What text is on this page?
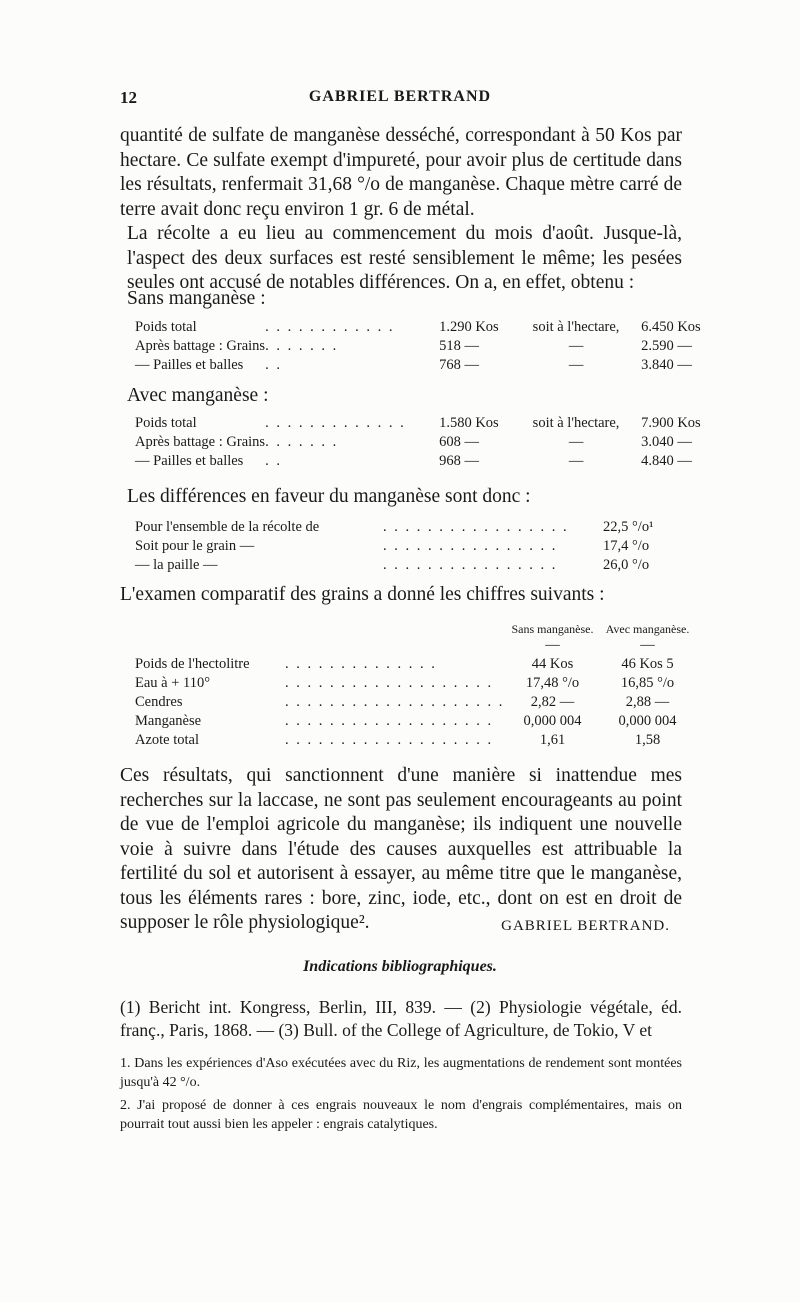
12	GABRIEL BERTRAND

quantité de sulfate de manganèse desséché, correspondant à 50 Kos par hectare. Ce sulfate exempt d'impureté, pour avoir plus de certitude dans les résultats, renfermait 31,68 °/o de manganèse. Chaque mètre carré de terre avait donc reçu environ 1 gr. 6 de métal.

La récolte a eu lieu au commencement du mois d'août. Jusque-là, l'aspect des deux surfaces est resté sensiblement le même; les pesées seules ont accusé de notables différences. On a, en effet, obtenu :

Sans manganèse :
Poids total	. . . . . . . . . . . .	1.290 Kos	soit à l'hectare,	6.450 Kos
Après battage : Grains	. . . . . . .	518 —	—	2.590 —
— Pailles et balles	. .	768 —	—	3.840 —
Avec manganèse :
Poids total	. . . . . . . . . . . . .	1.580 Kos	soit à l'hectare,	7.900 Kos
Après battage : Grains	. . . . . . .	608 —	—	3.040 —
— Pailles et balles	. .	968 —	—	4.840 —
Les différences en faveur du manganèse sont donc :
Pour l'ensemble de la récolte de	. . . . . . . . . . . . . . . . .	22,5 °/o¹
Soit pour le grain —	. . . . . . . . . . . . . . . .	17,4 °/o
— la paille —	. . . . . . . . . . . . . . . .	26,0 °/o
L'examen comparatif des grains a donné les chiffres suivants :
		Sans manganèse.	Avec manganèse.
		—	—
Poids de l'hectolitre	. . . . . . . . . . . . . .	44 Kos	46 Kos 5
Eau à + 110°	. . . . . . . . . . . . . . . . . . .	17,48 °/o	16,85 °/o
Cendres	. . . . . . . . . . . . . . . . . . . .	2,82 —	2,88 —
Manganèse	. . . . . . . . . . . . . . . . . . .	0,000 004	0,000 004
Azote total	. . . . . . . . . . . . . . . . . . .	1,61	1,58

Ces résultats, qui sanctionnent d'une manière si inattendue mes recherches sur la laccase, ne sont pas seulement encourageants au point de vue de l'emploi agricole du manganèse; ils indiquent une nouvelle voie à suivre dans l'étude des causes auxquelles est attribuable la fertilité du sol et autorisent à essayer, au même titre que le manganèse, tous les éléments rares : bore, zinc, iode, etc., dont on est en droit de supposer le rôle physiologique².	GABRIEL BERTRAND.
Indications bibliographiques.

(1) Bericht int. Kongress, Berlin, III, 839. — (2) Physiologie végétale, éd. franç., Paris, 1868. — (3) Bull. of the College of Agriculture, de Tokio, V et

1. Dans les expériences d'Aso exécutées avec du Riz, les augmentations de rendement sont montées jusqu'à 42 °/o.

2. J'ai proposé de donner à ces engrais nouveaux le nom d'engrais complémentaires, mais on pourrait tout aussi bien les appeler : engrais catalytiques.
